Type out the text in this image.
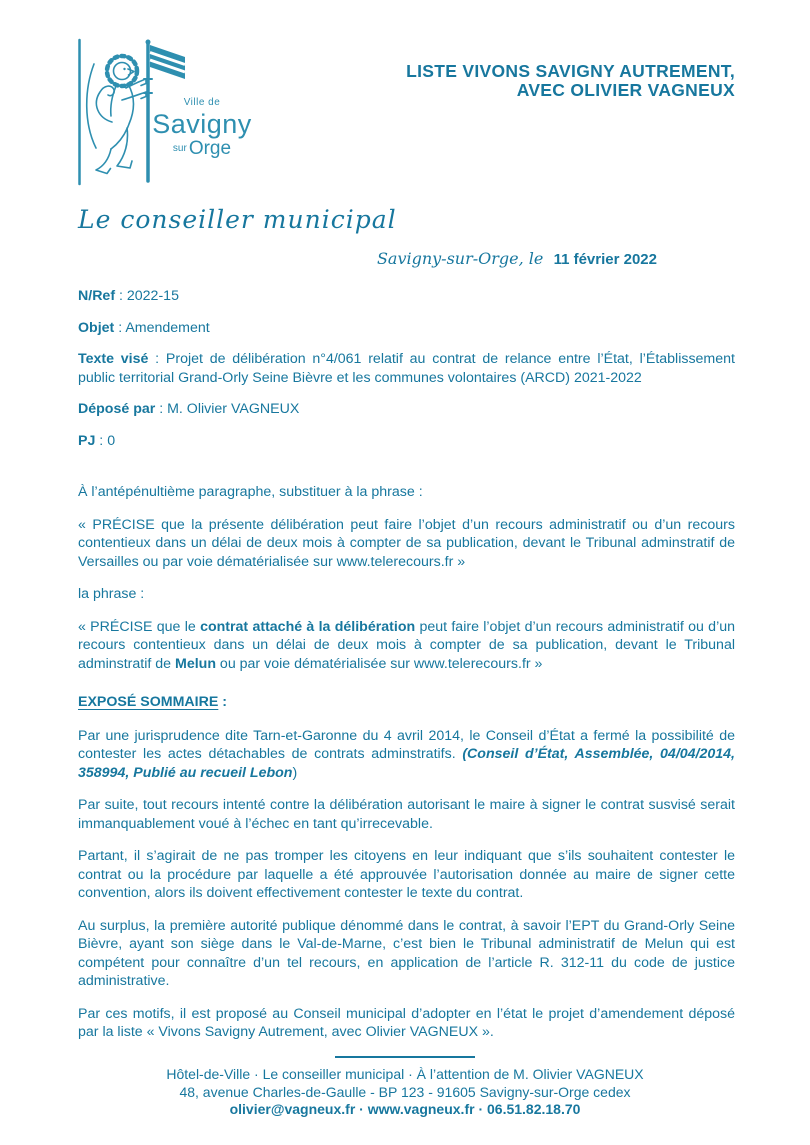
Ville de
Savigny
sur Orge
LISTE VIVONS SAVIGNY AUTREMENT,
AVEC OLIVIER VAGNEUX
Le conseiller municipal
Savigny-sur-Orge, le 11 février 2022

N/Ref : 2022-15

Objet : Amendement

Texte visé : Projet de délibération n°4/061 relatif au contrat de relance entre l’État, l’Établissement public territorial Grand-Orly Seine Bièvre et les communes volontaires (ARCD) 2021-2022

Déposé par : M. Olivier VAGNEUX

PJ : 0

À l’antépénultième paragraphe, substituer à la phrase :

« PRÉCISE que la présente délibération peut faire l’objet d’un recours administratif ou d’un recours contentieux dans un délai de deux mois à compter de sa publication, devant le Tribunal adminstratif de Versailles ou par voie dématérialisée sur www.telerecours.fr »

la phrase :

« PRÉCISE que le contrat attaché à la délibération peut faire l’objet d’un recours administratif ou d’un recours contentieux dans un délai de deux mois à compter de sa publication, devant le Tribunal adminstratif de Melun ou par voie dématérialisée sur www.telerecours.fr »

EXPOSÉ SOMMAIRE :

Par une jurisprudence dite Tarn-et-Garonne du 4 avril 2014, le Conseil d’État a fermé la possibilité de contester les actes détachables de contrats adminstratifs. (Conseil d’État, Assemblée, 04/04/2014, 358994, Publié au recueil Lebon)

Par suite, tout recours intenté contre la délibération autorisant le maire à signer le contrat susvisé serait immanquablement voué à l’échec en tant qu’irrecevable.

Partant, il s’agirait de ne pas tromper les citoyens en leur indiquant que s’ils souhaitent contester le contrat ou la procédure par laquelle a été approuvée l’autorisation donnée au maire de signer cette convention, alors ils doivent effectivement contester le texte du contrat.

Au surplus, la première autorité publique dénommé dans le contrat, à savoir l’EPT du Grand-Orly Seine Bièvre, ayant son siège dans le Val-de-Marne, c’est bien le Tribunal administratif de Melun qui est compétent pour connaître d’un tel recours, en application de l’article R. 312-11 du code de justice administrative.

Par ces motifs, il est proposé au Conseil municipal d’adopter en l’état le projet d’amendement déposé par la liste « Vivons Savigny Autrement, avec Olivier VAGNEUX ».

Hôtel-de-Ville · Le conseiller municipal · À l’attention de M. Olivier VAGNEUX
48, avenue Charles-de-Gaulle - BP 123 - 91605 Savigny-sur-Orge cedex
olivier@vagneux.fr · www.vagneux.fr · 06.51.82.18.70
